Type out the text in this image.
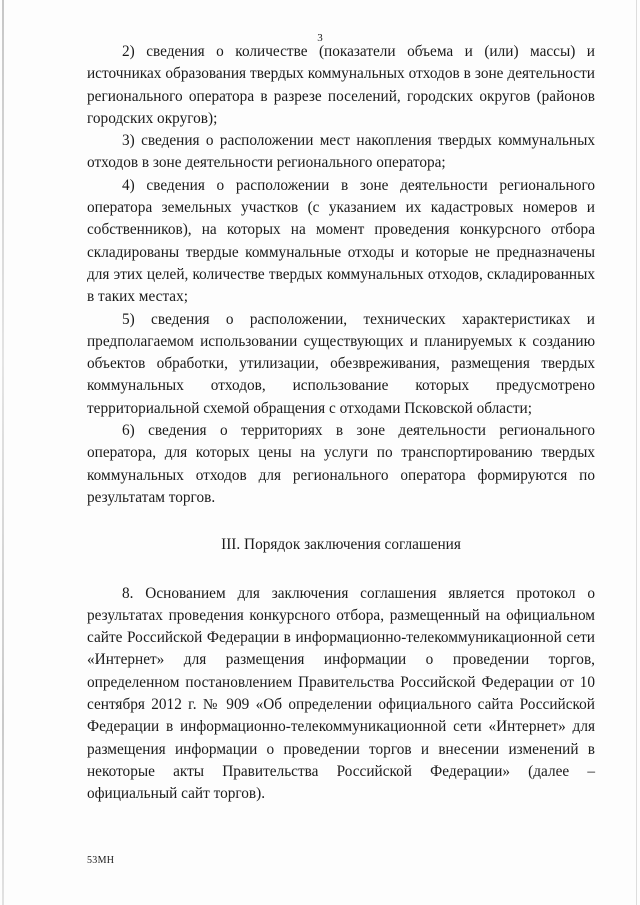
3

2) сведения о количестве (показатели объема и (или) массы) и источниках образования твердых коммунальных отходов в зоне деятельности регионального оператора в разрезе поселений, городских округов (районов городских округов);

3) сведения о расположении мест накопления твердых коммунальных отходов в зоне деятельности регионального оператора;

4) сведения о расположении в зоне деятельности регионального оператора земельных участков (с указанием их кадастровых номеров и собственников), на которых на момент проведения конкурсного отбора складированы твердые коммунальные отходы и которые не предназначены для этих целей, количестве твердых коммунальных отходов, складированных в таких местах;

5) сведения о расположении, технических характеристиках и предполагаемом использовании существующих и планируемых к созданию объектов обработки, утилизации, обезвреживания, размещения твердых коммунальных отходов, использование которых предусмотрено территориальной схемой обращения с отходами Псковской области;

6) сведения о территориях в зоне деятельности регионального оператора, для которых цены на услуги по транспортированию твердых коммунальных отходов для регионального оператора формируются по результатам торгов.

III. Порядок заключения соглашения

8. Основанием для заключения соглашения является протокол о результатах проведения конкурсного отбора, размещенный на официальном сайте Российской Федерации в информационно-телекоммуникационной сети «Интернет» для размещения информации о проведении торгов, определенном постановлением Правительства Российской Федерации от 10 сентября 2012 г. № 909 «Об определении официального сайта Российской Федерации в информационно-телекоммуникационной сети «Интернет» для размещения информации о проведении торгов и внесении изменений в некоторые акты Правительства Российской Федерации» (далее – официальный сайт торгов).

53МН
